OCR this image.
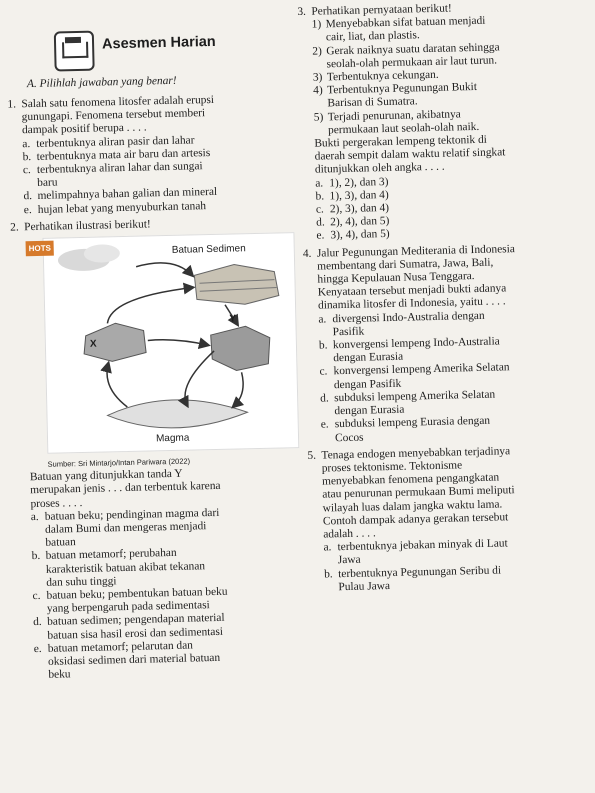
Asesmen Harian
A. Pilihlah jawaban yang benar!
1. Salah satu fenomena litosfer adalah erupsi
gunungapi. Fenomena tersebut memberi
dampak positif berupa . . . .
a. terbentuknya aliran pasir dan lahar
b. terbentuknya mata air baru dan artesis
c. terbentuknya aliran lahar dan sungai
baru
d. melimpahnya bahan galian dan mineral
e. hujan lebat yang menyuburkan tanah
2. Perhatikan ilustrasi berikut!
HOTS	Batuan Sedimen
X
Y
Magma
Sumber: Sri Mintarjo/Intan Pariwara (2022)
Batuan yang ditunjukkan tanda Y
merupakan jenis . . . dan terbentuk karena
proses . . . .
a. batuan beku; pendinginan magma dari
dalam Bumi dan mengeras menjadi
batuan
b. batuan metamorf; perubahan
karakteristik batuan akibat tekanan
dan suhu tinggi
c. batuan beku; pembentukan batuan beku
yang berpengaruh pada sedimentasi
d. batuan sedimen; pengendapan material
batuan sisa hasil erosi dan sedimentasi
e. batuan metamorf; pelarutan dan
oksidasi sedimen dari material batuan
beku
3. Perhatikan pernyataan berikut!
1) Menyebabkan sifat batuan menjadi
cair, liat, dan plastis.
2) Gerak naiknya suatu daratan sehingga
seolah-olah permukaan air laut turun.
3) Terbentuknya cekungan.
4) Terbentuknya Pegunungan Bukit
Barisan di Sumatra.
5) Terjadi penurunan, akibatnya
permukaan laut seolah-olah naik.
Bukti pergerakan lempeng tektonik di
daerah sempit dalam waktu relatif singkat
ditunjukkan oleh angka . . . .
a. 1), 2), dan 3)
b. 1), 3), dan 4)
c. 2), 3), dan 4)
d. 2), 4), dan 5)
e. 3), 4), dan 5)
4. Jalur Pegunungan Mediterania di Indonesia
membentang dari Sumatra, Jawa, Bali,
hingga Kepulauan Nusa Tenggara.
Kenyataan tersebut menjadi bukti adanya
dinamika litosfer di Indonesia, yaitu . . . .
a. divergensi Indo-Australia dengan
Pasifik
b. konvergensi lempeng Indo-Australia
dengan Eurasia
c. konvergensi lempeng Amerika Selatan
dengan Pasifik
d. subduksi lempeng Amerika Selatan
dengan Eurasia
e. subduksi lempeng Eurasia dengan
Cocos
5. Tenaga endogen menyebabkan terjadinya
proses tektonisme. Tektonisme
menyebabkan fenomena pengangkatan
atau penurunan permukaan Bumi meliputi
wilayah luas dalam jangka waktu lama.
Contoh dampak adanya gerakan tersebut
adalah . . . .
a. terbentuknya jebakan minyak di Laut
Jawa
b. terbentuknya Pegunungan Seribu di
Pulau Jawa
